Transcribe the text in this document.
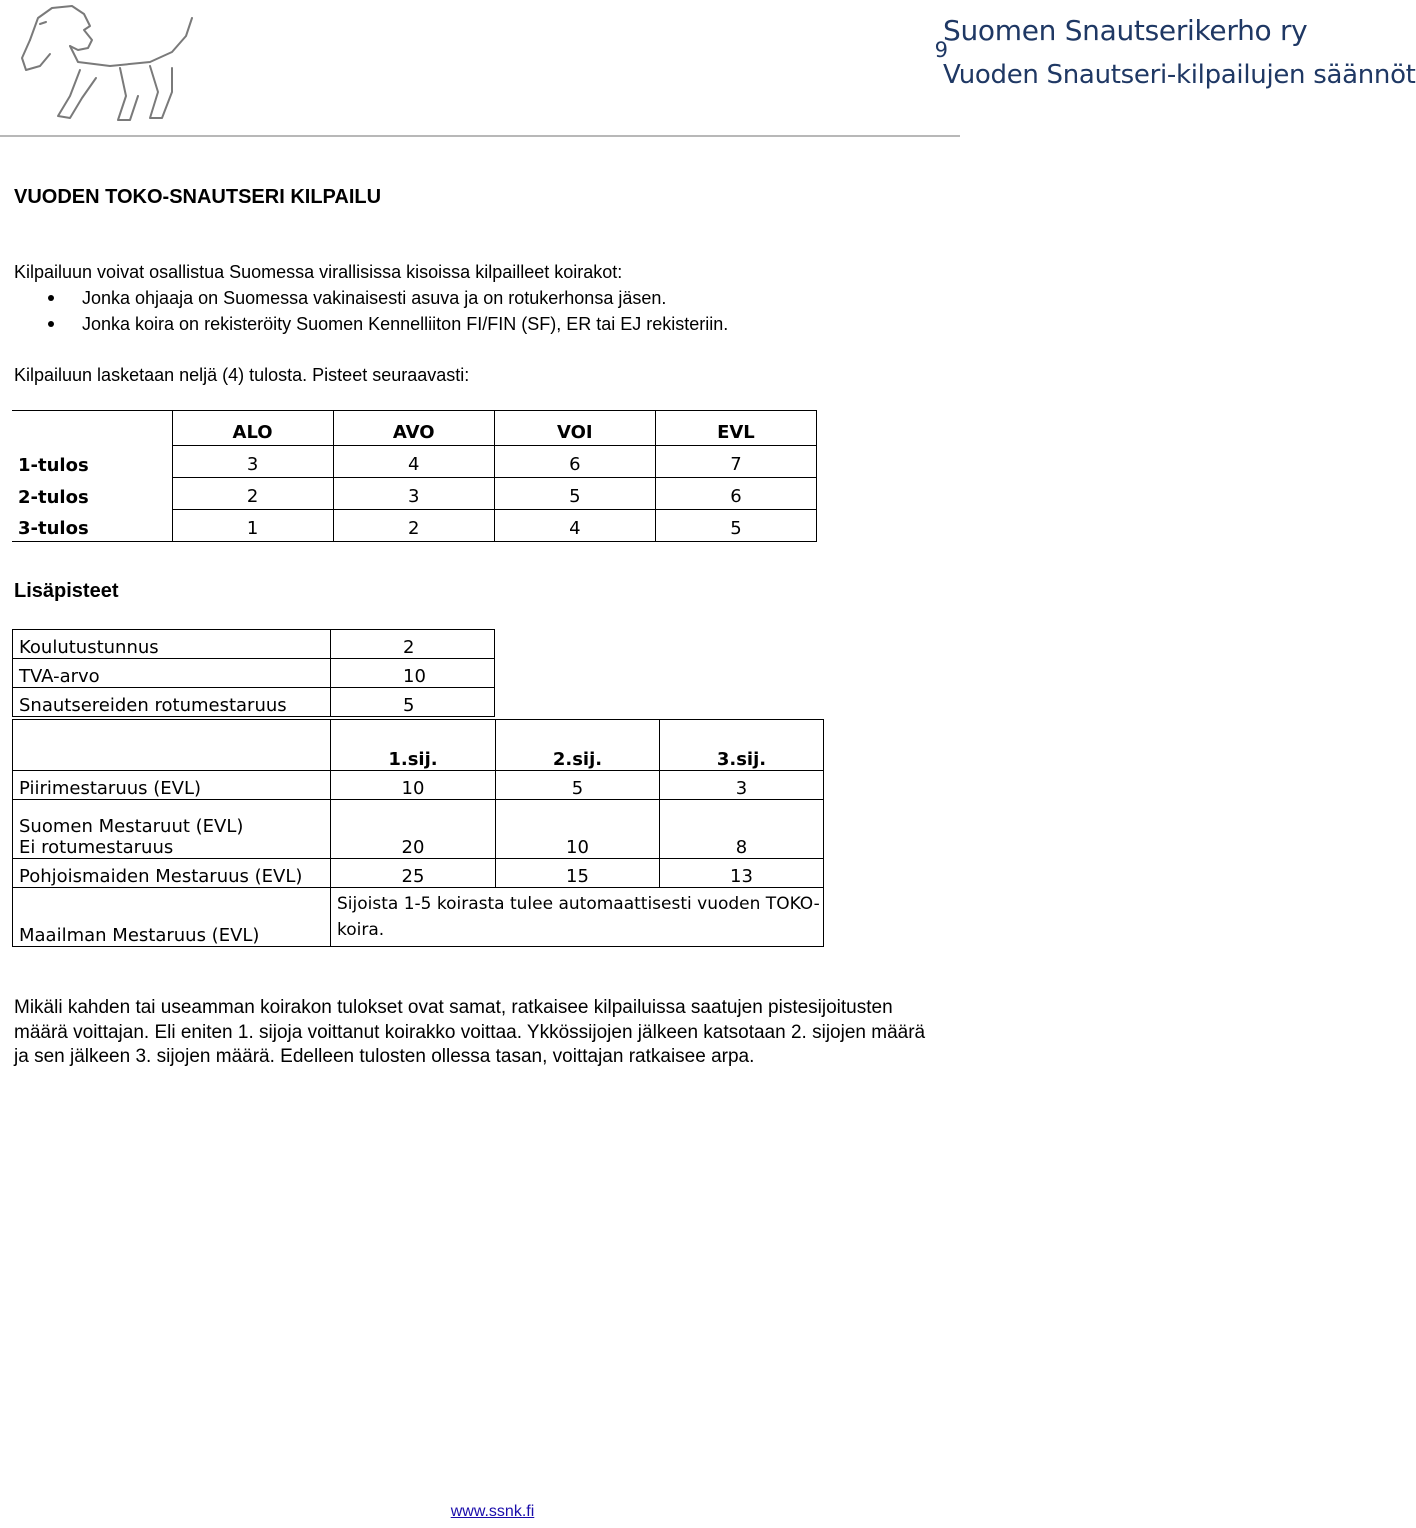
Suomen Snautserikerho ry
Vuoden Snautseri-kilpailujen säännöt
9
VUODEN TOKO-SNAUTSERI KILPAILU
Kilpailuun voivat osallistua Suomessa virallisissa kisoissa kilpailleet koirakot:
Jonka ohjaaja on Suomessa vakinaisesti asuva ja on rotukerhonsa jäsen.
Jonka koira on rekisteröity Suomen Kennelliiton FI/FIN (SF), ER tai EJ rekisteriin.
Kilpailuun lasketaan neljä (4) tulosta. Pisteet seuraavasti:
	ALO	AVO	VOI	EVL
1-tulos	3	4	6	7
2-tulos	2	3	5	6
3-tulos	1	2	4	5
Lisäpisteet
Koulutustunnus	2
TVA-arvo	10
Snautsereiden rotumestaruus	5
	1.sij.	2.sij.	3.sij.
Piirimestaruus (EVL)	10	5	3

Suomen Mestaruut (EVL)
Ei rotumestaruus	20	10	8
Pohjoismaiden Mestaruus (EVL)	25	15	13
Maailman Mestaruus (EVL)	Sijoista 1-5 koirasta tulee automaattisesti vuoden TOKO-koira.		
Mikäli kahden tai useamman koirakon tulokset ovat samat, ratkaisee kilpailuissa saatujen pistesijoitusten määrä voittajan. Eli eniten 1. sijoja voittanut koirakko voittaa. Ykkössijojen jälkeen katsotaan 2. sijojen määrä ja sen jälkeen 3. sijojen määrä. Edelleen tulosten ollessa tasan, voittajan ratkaisee arpa.
www.ssnk.fi
